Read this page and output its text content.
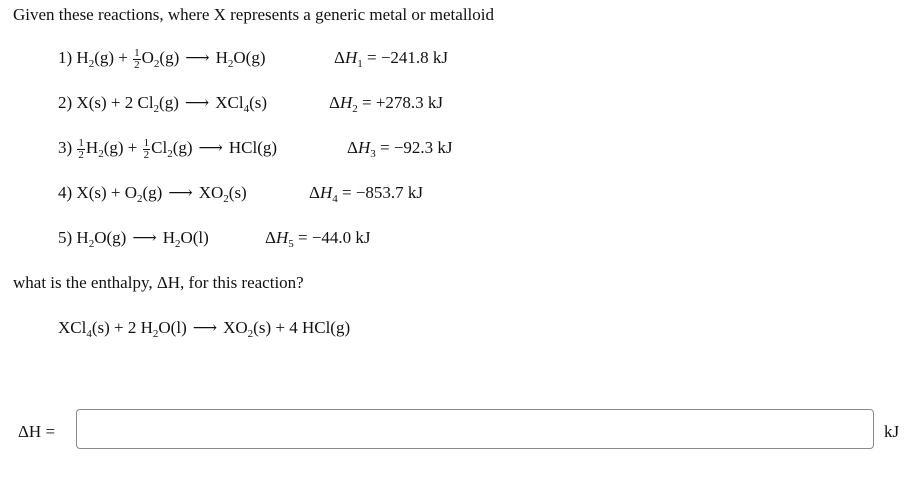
Given these reactions, where X represents a generic metal or metalloid
1) $H_2(g) + \frac{1}{2} O_2(g)$ ⟶ $H_2O(g)$	$\Delta H_1 = -241.8$ kJ
2) X(s) + 2 $Cl_2(g)$ ⟶ XCl$_4$(s)	$\Delta H_2 = +278.3$ kJ
$3) \frac{1}{2} H_2(g) + \frac{1}{2} Cl_2(g)$ ⟶ HCl(g)	$\Delta H_3 = -92.3$ kJ
4) $X(s) + O_2(g)$ ⟶ $XO_2(s)$	$\Delta H_4 = -853.7$ kJ
5) $H_2O(g)$ ⟶ $H_2O(l)$	$\Delta H_5 = -44.0$ kJ
what is the enthalpy, ΔH, for this reaction?
XCl$_4$(s) + 2 $H_2O(l)$ ⟶ $XO_2(s) + 4$ HCl(g)
ΔH =	kJ
